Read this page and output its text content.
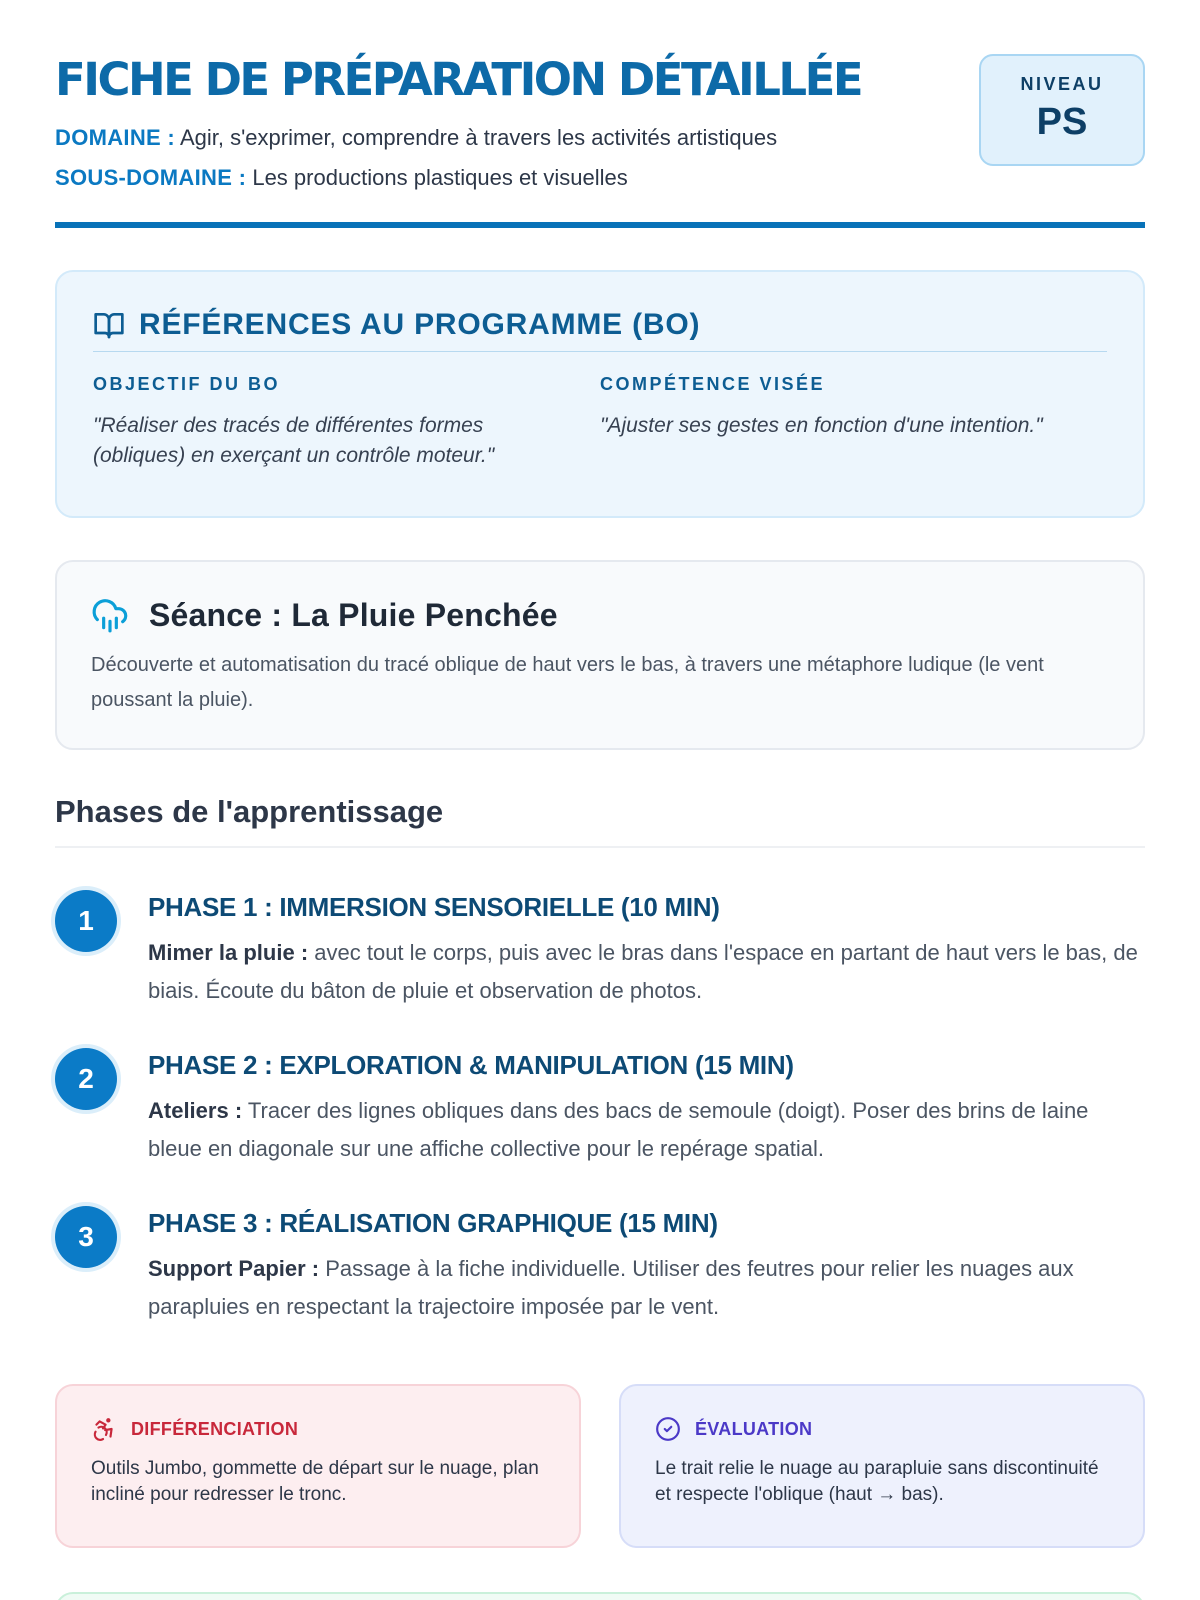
FICHE DE PRÉPARATION DÉTAILLÉE
DOMAINE : Agir, s'exprimer, comprendre à travers les activités artistiques
SOUS-DOMAINE : Les productions plastiques et visuelles
NIVEAU
PS
RÉFÉRENCES AU PROGRAMME (BO)
OBJECTIF DU BO
"Réaliser des tracés de différentes formes (obliques) en exerçant un contrôle moteur."
COMPÉTENCE VISÉE
"Ajuster ses gestes en fonction d'une intention."
Séance : La Pluie Penchée

Découverte et automatisation du tracé oblique de haut vers le bas, à travers une métaphore ludique (le vent poussant la pluie).

Phases de l'apprentissage
1	PHASE 1 : IMMERSION SENSORIELLE (10 MIN)
Mimer la pluie : avec tout le corps, puis avec le bras dans l'espace en partant de haut vers le bas, de biais. Écoute du bâton de pluie et observation de photos.
2	PHASE 2 : EXPLORATION & MANIPULATION (15 MIN)
Ateliers : Tracer des lignes obliques dans des bacs de semoule (doigt). Poser des brins de laine bleue en diagonale sur une affiche collective pour le repérage spatial.
3	PHASE 3 : RÉALISATION GRAPHIQUE (15 MIN)
Support Papier : Passage à la fiche individuelle. Utiliser des feutres pour relier les nuages aux parapluies en respectant la trajectoire imposée par le vent.
DIFFÉRENCIATION

Outils Jumbo, gommette de départ sur le nuage, plan incliné pour redresser le tronc.

ÉVALUATION

Le trait relie le nuage au parapluie sans discontinuité et respecte l'oblique (haut → bas).
